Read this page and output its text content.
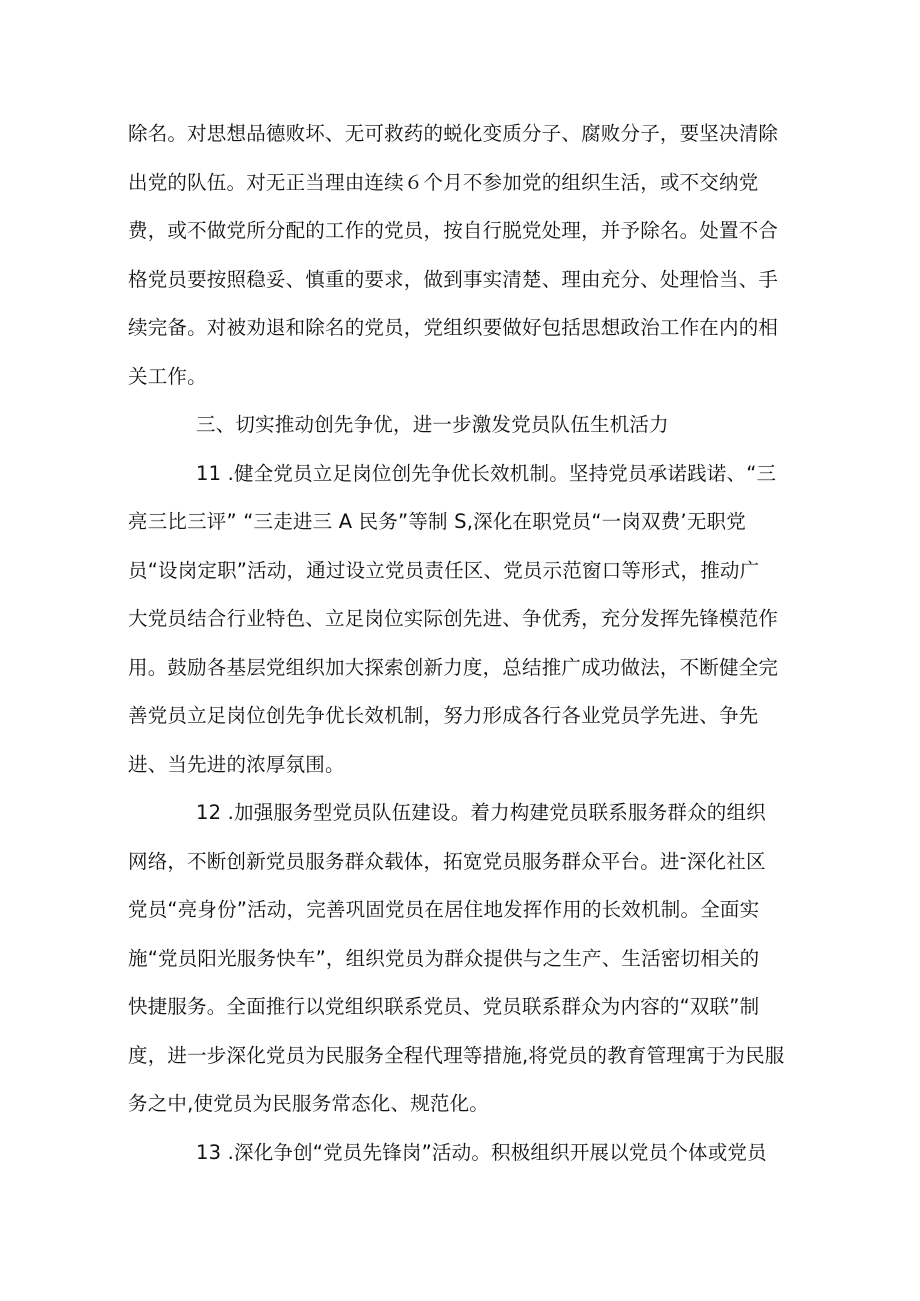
除名。对思想品德败坏、无可救药的蜕化变质分子、腐败分子，要坚决清除
出党的队伍。对无正当理由连续６个月不参加党的组织生活，或不交纳党
费，或不做党所分配的工作的党员，按自行脱党处理，并予除名。处置不合
格党员要按照稳妥、慎重的要求，做到事实清楚、理由充分、处理恰当、手
续完备。对被劝退和除名的党员，党组织要做好包括思想政治工作在内的相
关工作。
三、切实推动创先争优，进一步激发党员队伍生机活力
11 .健全党员立足岗位创先争优长效机制。坚持党员承诺践诺、“三
亮三比三评” “三走进三 A 民务”等制 S,深化在职党员“一岗双费’无职党
员“设岗定职”活动，通过设立党员责任区、党员示范窗口等形式，推动广
大党员结合行业特色、立足岗位实际创先进、争优秀，充分发挥先锋模范作
用。鼓励各基层党组织加大探索创新力度，总结推广成功做法，不断健全完
善党员立足岗位创先争优长效机制，努力形成各行各业党员学先进、争先
进、当先进的浓厚氛围。
12 .加强服务型党员队伍建设。着力构建党员联系服务群众的组织
网络，不断创新党员服务群众载体，拓宽党员服务群众平台。进־深化社区
党员“亮身份”活动，完善巩固党员在居住地发挥作用的长效机制。全面实
施“党员阳光服务快车”，组织党员为群众提供与之生产、生活密切相关的
快捷服务。全面推行以党组织联系党员、党员联系群众为内容的“双联”制
度，进一步深化党员为民服务全程代理等措施,将党员的教育管理寓于为民服
务之中,使党员为民服务常态化、规范化。
13 .深化争创“党员先锋岗”活动。积极组织开展以党员个体或党员
